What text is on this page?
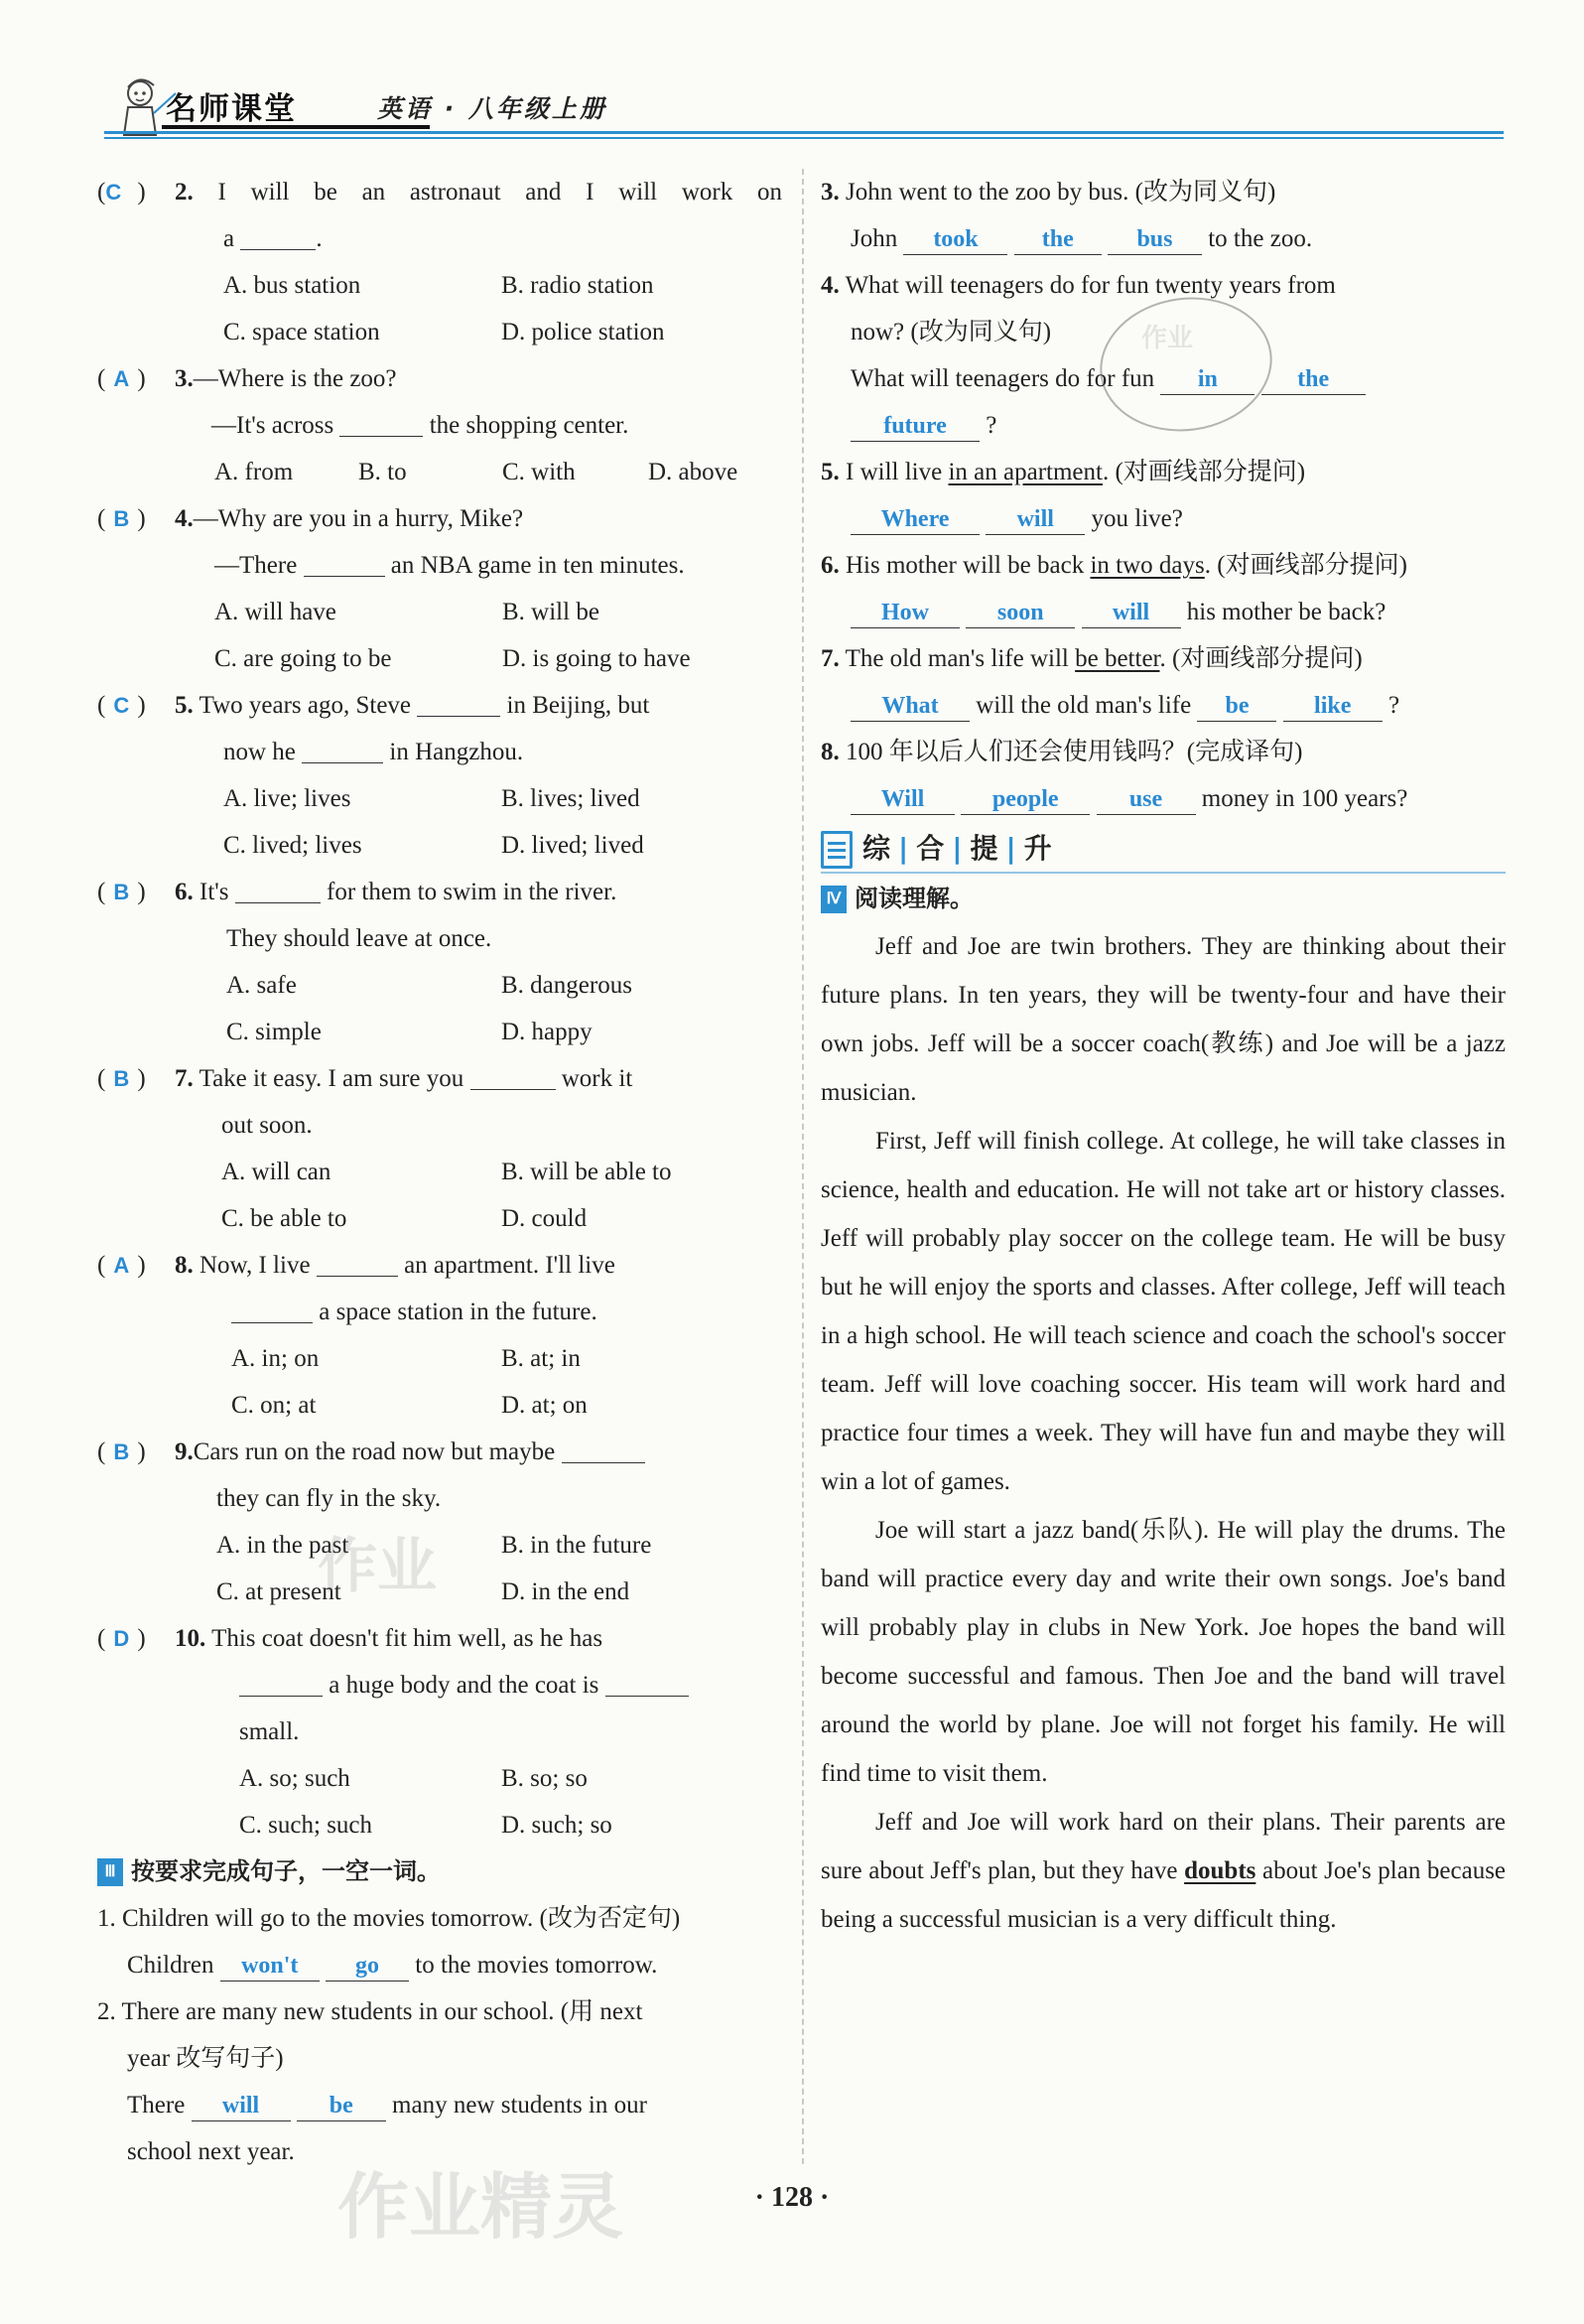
名师课堂	英语 · 八年级上册
(C ) 2. I will be an astronaut and I will work on
a	.
A. bus station	B. radio station
C. space station	D. police station
( A ) 3.—Where is the zoo?
—It's across	the shopping center.
A. from	B. to	C. with	D. above
( B ) 4.—Why are you in a hurry, Mike?
—There	an NBA game in ten minutes.
A. will have	B. will be
C. are going to be	D. is going to have
( C ) 5. Two years ago, Steve	in Beijing, but
now he	in Hangzhou.
A. live; lives	B. lives; lived
C. lived; lives	D. lived; lived
( B ) 6. It's	for them to swim in the river.
They should leave at once.
A. safe	B. dangerous
C. simple	D. happy
( B ) 7. Take it easy. I am sure you	work it
out soon.
A. will can	B. will be able to
C. be able to	D. could
( A ) 8. Now, I live	an apartment. I'll live
a space station in the future.
A. in; on	B. at; in
C. on; at	D. at; on
( B ) 9.Cars run on the road now but maybe
they can fly in the sky.
A. in the past	B. in the future
C. at present	D. in the end
( D ) 10. This coat doesn't fit him well, as he has
a huge body and the coat is
small.
A. so; such	B. so; so
C. such; such	D. such; so
Ⅲ 按要求完成句子，一空一词。
1. Children will go to the movies tomorrow. (改为否定句)
Children won't go to the movies tomorrow.
2. There are many new students in our school. (用 next
year 改写句子)
There will	be many new students in our
school next year.
3. John went to the zoo by bus. (改为同义句)
John took	the	bus to the zoo.
4. What will teenagers do for fun twenty years from
now? (改为同义句)
What will teenagers do for fun in	the
future ?
5. I will live in an apartment. (对画线部分提问)
Where	will you live?
6. His mother will be back in two days. (对画线部分提问)
How	soon	will his mother be back?
7. The old man's life will be better. (对画线部分提问)
What will the old man's life be	like ?
8. 100 年以后人们还会使用钱吗？(完成译句)
Will	people	use money in 100 years?
综 | 合 | 提 | 升
Ⅳ 阅读理解。

Jeff and Joe are twin brothers. They are thinking about their future plans. In ten years, they will be twenty-four and have their own jobs. Jeff will be a soccer coach(教练) and Joe will be a jazz musician.

First, Jeff will finish college. At college, he will take classes in science, health and education. He will not take art or history classes. Jeff will probably play soccer on the college team. He will be busy but he will enjoy the sports and classes. After college, Jeff will teach in a high school. He will teach science and coach the school's soccer team. Jeff will love coaching soccer. His team will work hard and practice four times a week. They will have fun and maybe they will win a lot of games.

Joe will start a jazz band(乐队). He will play the drums. The band will practice every day and write their own songs. Joe's band will probably play in clubs in New York. Joe hopes the band will become successful and famous. Then Joe and the band will travel around the world by plane. Joe will not forget his family. He will find time to visit them.

Jeff and Joe will work hard on their plans. Their parents are sure about Jeff's plan, but they have doubts about Joe's plan because being a successful musician is a very difficult thing.

作业
作业
作业精灵	· 128 ·
